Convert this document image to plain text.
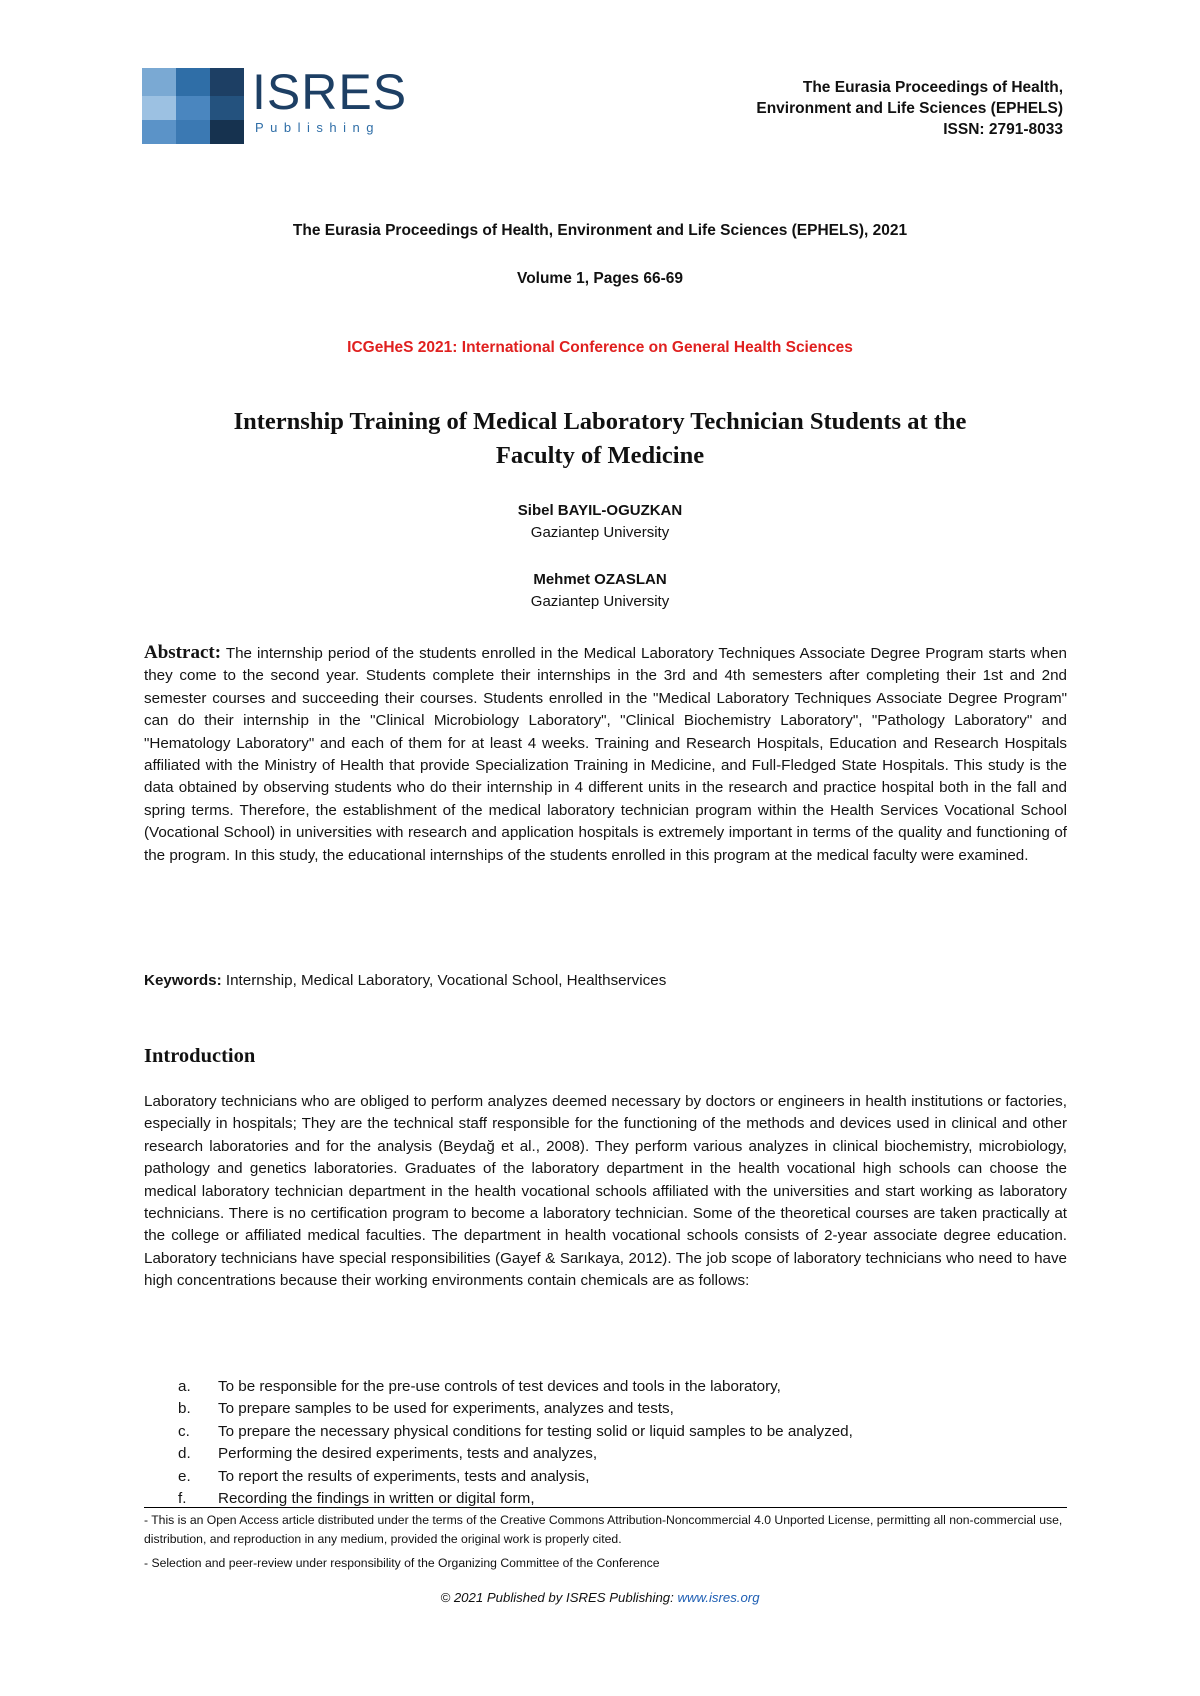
ISRES
Publishing
The Eurasia Proceedings of Health,
Environment and Life Sciences (EPHELS)
ISSN: 2791-8033
The Eurasia Proceedings of Health, Environment and Life Sciences (EPHELS), 2021
Volume 1, Pages 66-69
ICGeHeS 2021: International Conference on General Health Sciences
Internship Training of Medical Laboratory Technician Students at the
Faculty of Medicine
Sibel BAYIL-OGUZKAN
Gaziantep University
Mehmet OZASLAN
Gaziantep University
Abstract: The internship period of the students enrolled in the Medical Laboratory Techniques Associate Degree Program starts when they come to the second year. Students complete their internships in the 3rd and 4th semesters after completing their 1st and 2nd semester courses and succeeding their courses. Students enrolled in the "Medical Laboratory Techniques Associate Degree Program" can do their internship in the "Clinical Microbiology Laboratory", "Clinical Biochemistry Laboratory", "Pathology Laboratory" and "Hematology Laboratory" and each of them for at least 4 weeks. Training and Research Hospitals, Education and Research Hospitals affiliated with the Ministry of Health that provide Specialization Training in Medicine, and Full-Fledged State Hospitals. This study is the data obtained by observing students who do their internship in 4 different units in the research and practice hospital both in the fall and spring terms. Therefore, the establishment of the medical laboratory technician program within the Health Services Vocational School (Vocational School) in universities with research and application hospitals is extremely important in terms of the quality and functioning of the program. In this study, the educational internships of the students enrolled in this program at the medical faculty were examined.
Keywords: Internship, Medical Laboratory, Vocational School, Healthservices
Introduction
Laboratory technicians who are obliged to perform analyzes deemed necessary by doctors or engineers in health institutions or factories, especially in hospitals; They are the technical staff responsible for the functioning of the methods and devices used in clinical and other research laboratories and for the analysis (Beydağ et al., 2008). They perform various analyzes in clinical biochemistry, microbiology, pathology and genetics laboratories. Graduates of the laboratory department in the health vocational high schools can choose the medical laboratory technician department in the health vocational schools affiliated with the universities and start working as laboratory technicians. There is no certification program to become a laboratory technician. Some of the theoretical courses are taken practically at the college or affiliated medical faculties. The department in health vocational schools consists of 2-year associate degree education. Laboratory technicians have special responsibilities (Gayef & Sarıkaya, 2012). The job scope of laboratory technicians who need to have high concentrations because their working environments contain chemicals are as follows:
a. To be responsible for the pre-use controls of test devices and tools in the laboratory,
b. To prepare samples to be used for experiments, analyzes and tests,
c. To prepare the necessary physical conditions for testing solid or liquid samples to be analyzed,
d. Performing the desired experiments, tests and analyzes,
e. To report the results of experiments, tests and analysis,
f. Recording the findings in written or digital form,
- This is an Open Access article distributed under the terms of the Creative Commons Attribution-Noncommercial 4.0 Unported License, permitting all non-commercial use, distribution, and reproduction in any medium, provided the original work is properly cited.
- Selection and peer-review under responsibility of the Organizing Committee of the Conference
© 2021 Published by ISRES Publishing: www.isres.org
